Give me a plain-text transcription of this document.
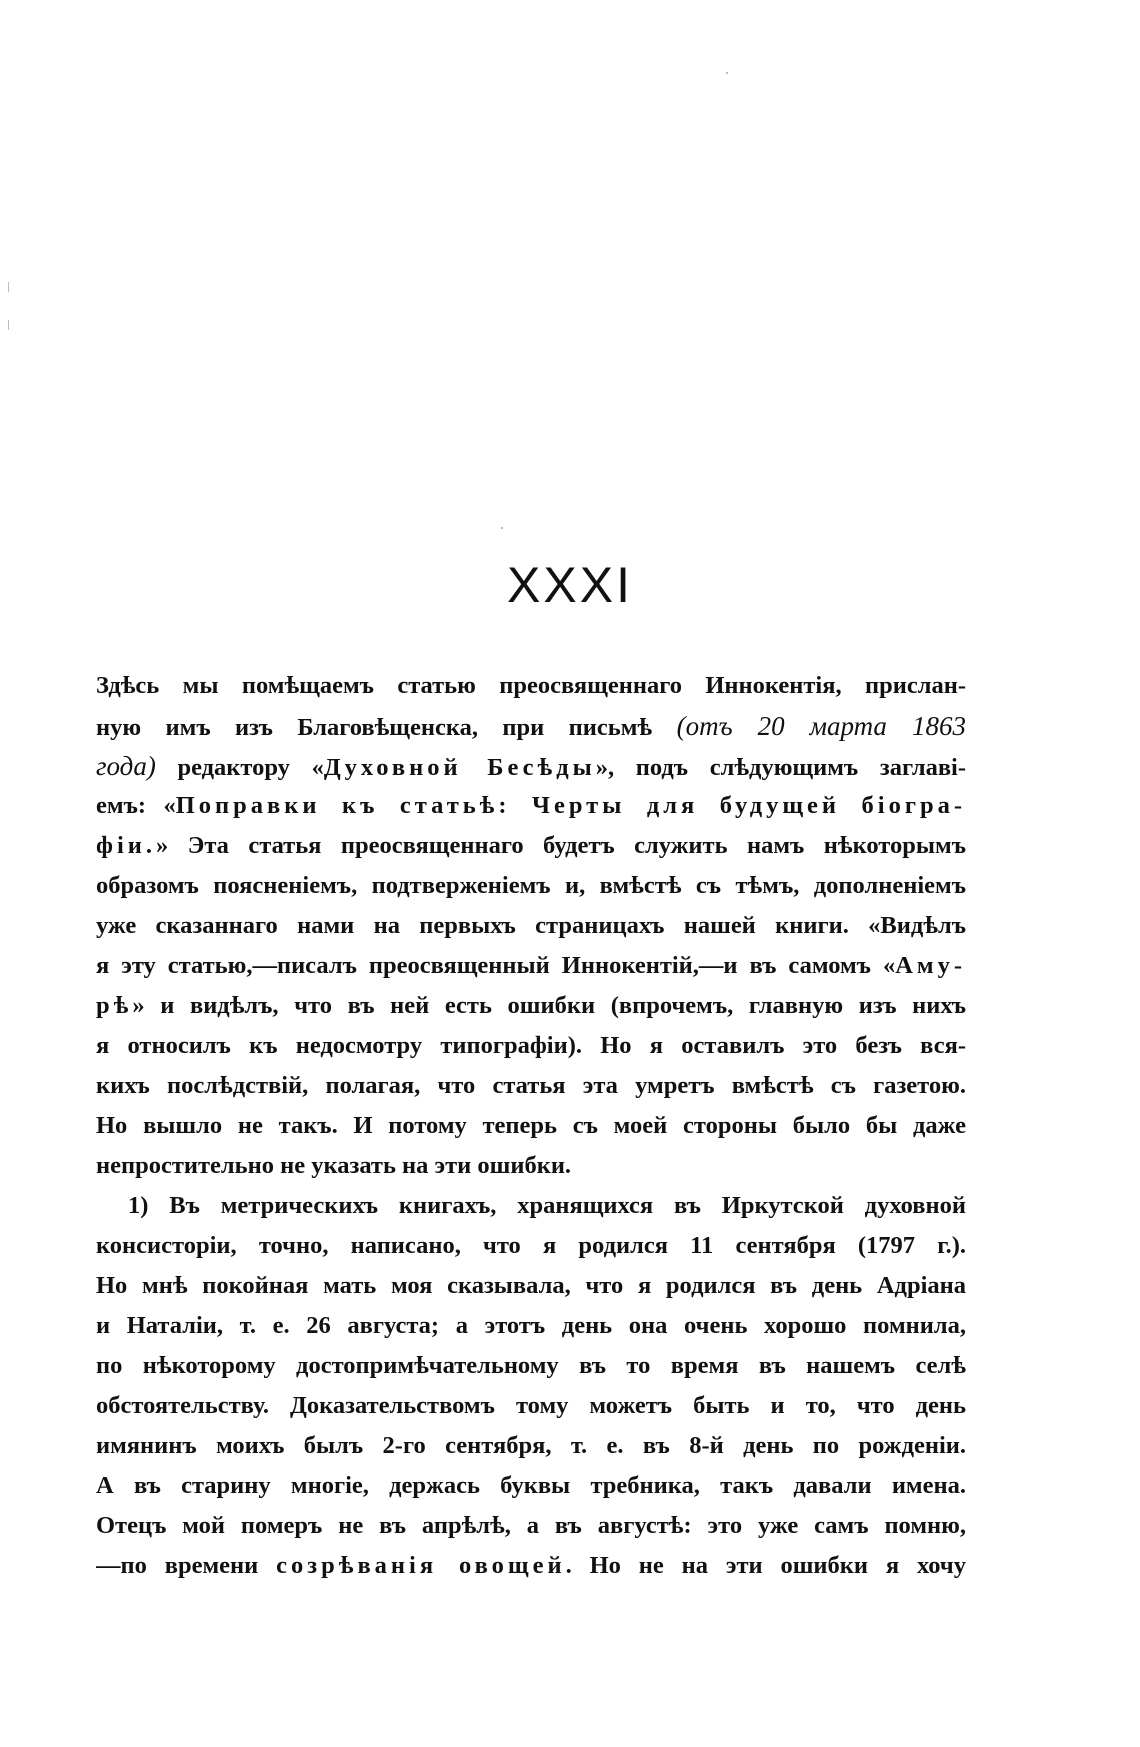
XXXI
Здѣсь мы помѣщаемъ статью преосвященнаго Иннокентія, прислан-
ную имъ изъ Благовѣщенска, при письмѣ (отъ 20 марта 1863
года) редактору «Духовной Бесѣды», подъ слѣдующимъ заглаві-
емъ: «Поправки къ статьѣ: Черты для будущей біогра-
фіи.» Эта статья преосвященнаго будетъ служить намъ нѣкоторымъ
образомъ поясненіемъ, подтверженіемъ и, вмѣстѣ съ тѣмъ, дополненіемъ
уже сказаннаго нами на первыхъ страницахъ нашей книги. «Видѣлъ
я эту статью,—писалъ преосвященный Иннокентій,—и въ самомъ «Аму-
рѣ» и видѣлъ, что въ ней есть ошибки (впрочемъ, главную изъ нихъ
я относилъ къ недосмотру типографіи). Но я оставилъ это безъ вся-
кихъ послѣдствій, полагая, что статья эта умретъ вмѣстѣ съ газетою.
Но вышло не такъ. И потому теперь съ моей стороны было бы даже
непростительно не указать на эти ошибки.
1) Въ метрическихъ книгахъ, хранящихся въ Иркутской духовной
консисторіи, точно, написано, что я родился 11 сентября (1797 г.).
Но мнѣ покойная мать моя сказывала, что я родился въ день Адріана
и Наталіи, т. е. 26 августа; а этотъ день она очень хорошо помнила,
по нѣкоторому достопримѣчательному въ то время въ нашемъ селѣ
обстоятельству. Доказательствомъ тому можетъ быть и то, что день
имянинъ моихъ былъ 2-го сентября, т. е. въ 8-й день по рожденіи.
А въ старину многіе, держась буквы требника, такъ давали имена.
Отецъ мой померъ не въ апрѣлѣ, а въ августѣ: это уже самъ помню,
—по времени созрѣванія овощей. Но не на эти ошибки я хочу
